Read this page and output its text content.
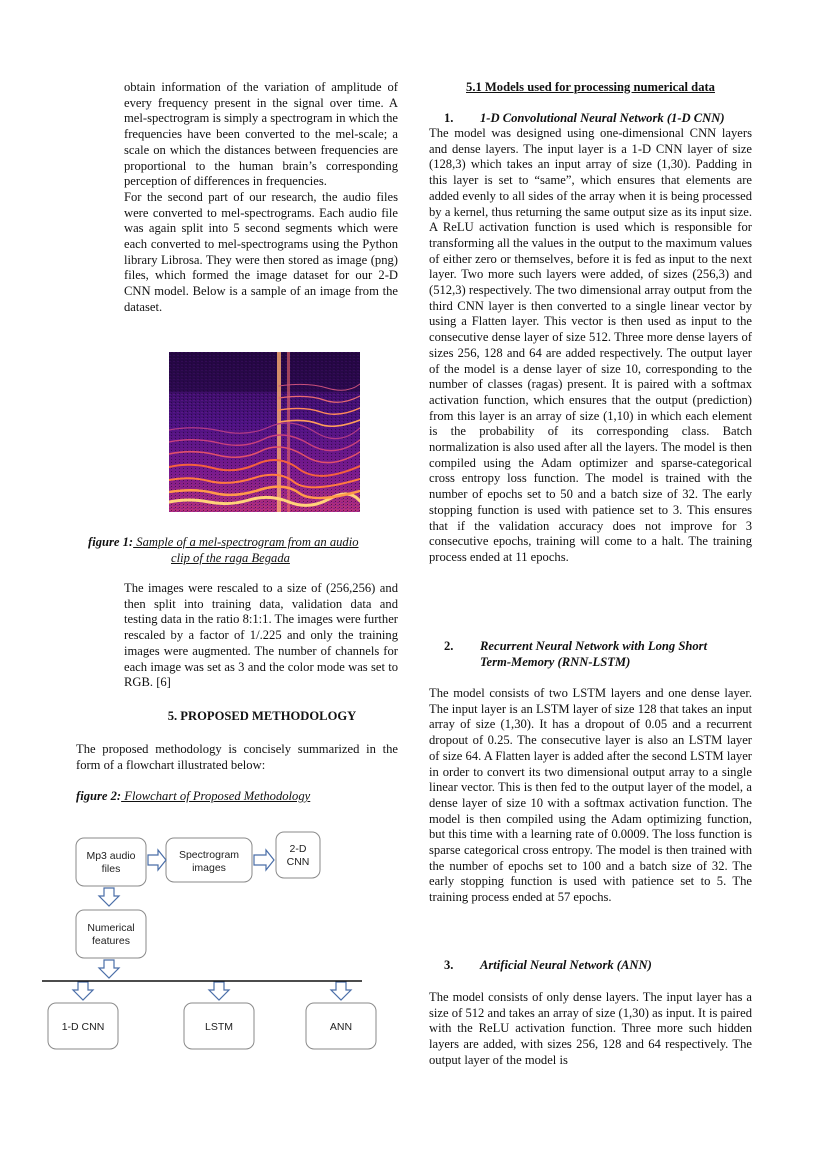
obtain information of the variation of amplitude of every frequency present in the signal over time. A mel-spectrogram is simply a spectrogram in which the frequencies have been converted to the mel-scale; a scale on which the distances between frequencies are proportional to the human brain’s corresponding perception of differences in frequencies.

For the second part of our research, the audio files were converted to mel-spectrograms. Each audio file was again split into 5 second segments which were each converted to mel-spectrograms using the Python library Librosa. They were then stored as image (png) files, which formed the image dataset for our 2-D CNN model. Below is a sample of an image from the dataset.

figure 1: Sample of a mel-spectrogram from an audio
clip of the raga Begada

The images were rescaled to a size of (256,256) and then split into training data, validation data and testing data in the ratio 8:1:1. The images were further rescaled by a factor of 1/.225 and only the training images were augmented. The number of channels for each image was set as 3 and the color mode was set to RGB. [6]

5. PROPOSED METHODOLOGY

The proposed methodology is concisely summarized in the form of a flowchart illustrated below:

figure 2: Flowchart of Proposed Methodology
Mp3 audio
files
Spectrogram
images
2-D
CNN
Numerical
features
1-D CNN	LSTM	ANN
5.1 Models used for processing numerical data
1. 1-D Convolutional Neural Network (1-D CNN)

The model was designed using one-dimensional CNN layers and dense layers. The input layer is a 1-D CNN layer of size (128,3) which takes an input array of size (1,30). Padding in this layer is set to “same”, which ensures that elements are added evenly to all sides of the array when it is being processed by a kernel, thus returning the same output size as its input size. A ReLU activation function is used which is responsible for transforming all the values in the output to the maximum values of either zero or themselves, before it is fed as input to the next layer. Two more such layers were added, of sizes (256,3) and (512,3) respectively. The two dimensional array output from the third CNN layer is then converted to a single linear vector by using a Flatten layer. This vector is then used as input to the consecutive dense layer of size 512. Three more dense layers of sizes 256, 128 and 64 are added respectively. The output layer of the model is a dense layer of size 10, corresponding to the number of classes (ragas) present. It is paired with a softmax activation function, which ensures that the output (prediction) from this layer is an array of size (1,10) in which each element is the probability of its corresponding class. Batch normalization is also used after all the layers. The model is then compiled using the Adam optimizer and sparse-categorical cross entropy loss function. The model is trained with the number of epochs set to 50 and a batch size of 32. The early stopping function is used with patience set to 3. This ensures that if the validation accuracy does not improve for 3 consecutive epochs, training will come to a halt. The training process ended at 11 epochs.

2. Recurrent Neural Network with Long Short
Term-Memory (RNN-LSTM)

The model consists of two LSTM layers and one dense layer. The input layer is an LSTM layer of size 128 that takes an input array of size (1,30). It has a dropout of 0.05 and a recurrent dropout of 0.25. The consecutive layer is also an LSTM layer of size 64. A Flatten layer is added after the second LSTM layer in order to convert its two dimensional output array to a single linear vector. This is then fed to the output layer of the model, a dense layer of size 10 with a softmax activation function. The model is then compiled using the Adam optimizing function, but this time with a learning rate of 0.0009. The loss function is sparse categorical cross entropy. The model is then trained with the number of epochs set to 100 and a batch size of 32. The early stopping function is used with patience set to 5. The training process ended at 57 epochs.

3. Artificial Neural Network (ANN)

The model consists of only dense layers. The input layer has a size of 512 and takes an array of size (1,30) as input. It is paired with the ReLU activation function. Three more such hidden layers are added, with sizes 256, 128 and 64 respectively. The output layer of the model is
